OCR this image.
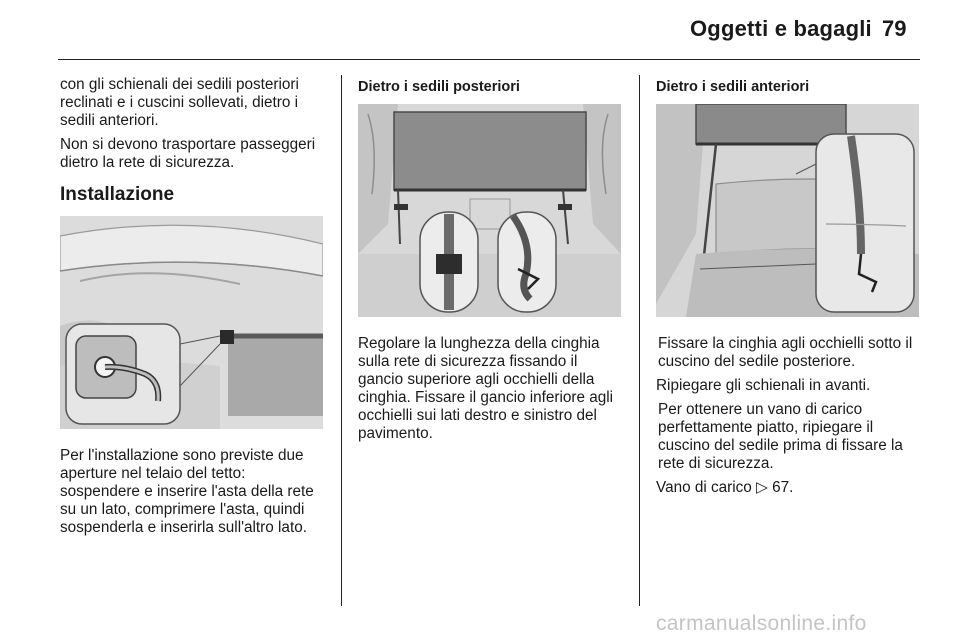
Oggetti e bagagli 79

con gli schienali dei sedili posteriori reclinati e i cuscini sollevati, dietro i sedili anteriori.

Non si devono trasportare passeggeri dietro la rete di sicurezza.

Installazione

Per l'installazione sono previste due aperture nel telaio del tetto: sospendere e inserire l'asta della rete su un lato, comprimere l'asta, quindi sospenderla e inserirla sull'altro lato.

Dietro i sedili posteriori

Regolare la lunghezza della cinghia sulla rete di sicurezza fissando il gancio superiore agli occhielli della cinghia. Fissare il gancio inferiore agli occhielli sui lati destro e sinistro del pavimento.

Dietro i sedili anteriori

Fissare la cinghia agli occhielli sotto il cuscino del sedile posteriore.

Ripiegare gli schienali in avanti.

Per ottenere un vano di carico perfettamente piatto, ripiegare il cuscino del sedile prima di fissare la rete di sicurezza.

Vano di carico ▷ 67.

carmanualsonline.info
